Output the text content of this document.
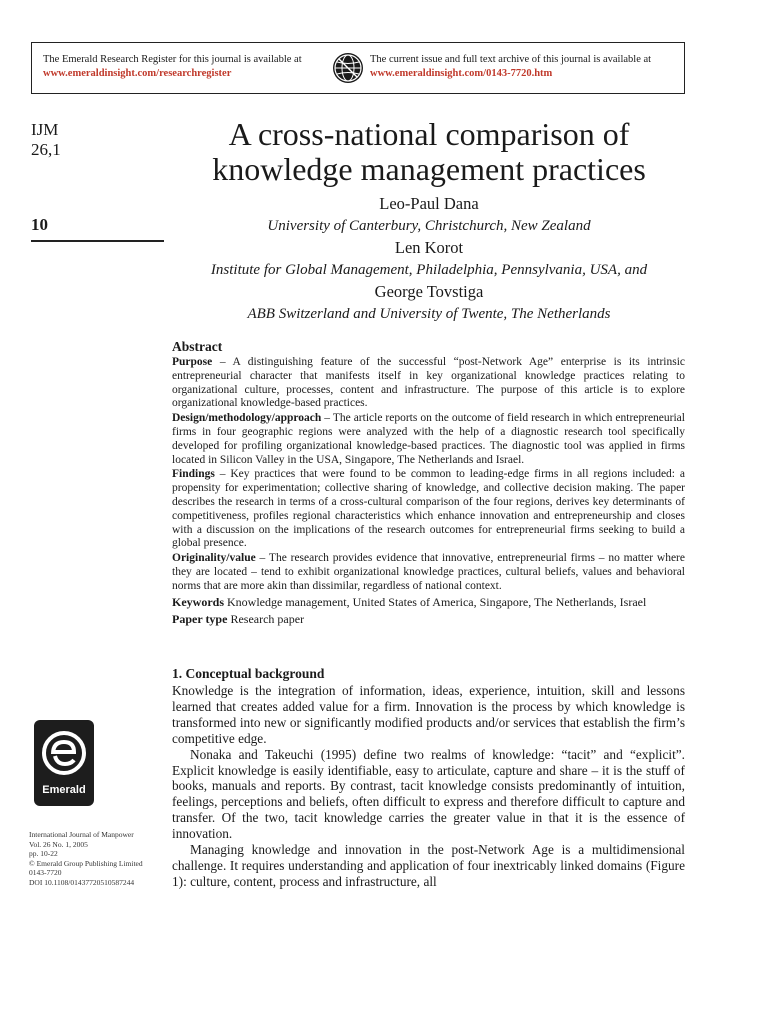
The Emerald Research Register for this journal is available at
www.emeraldinsight.com/researchregister
The current issue and full text archive of this journal is available at
www.emeraldinsight.com/0143-7720.htm
IJM
26,1
10
Emerald
International Journal of Manpower
Vol. 26 No. 1, 2005
pp. 10-22
© Emerald Group Publishing Limited
0143-7720
DOI 10.1108/01437720510587244
A cross-national comparison of
knowledge management practices
Leo-Paul Dana
University of Canterbury, Christchurch, New Zealand
Len Korot
Institute for Global Management, Philadelphia, Pennsylvania, USA, and
George Tovstiga
ABB Switzerland and University of Twente, The Netherlands
Abstract

Purpose – A distinguishing feature of the successful “post-Network Age” enterprise is its intrinsic entrepreneurial character that manifests itself in key organizational knowledge practices relating to organizational culture, processes, content and infrastructure. The purpose of this article is to explore organizational knowledge-based practices.

Design/methodology/approach – The article reports on the outcome of field research in which entrepreneurial firms in four geographic regions were analyzed with the help of a diagnostic research tool specifically developed for profiling organizational knowledge-based practices. The diagnostic tool was applied in firms located in Silicon Valley in the USA, Singapore, The Netherlands and Israel.

Findings – Key practices that were found to be common to leading-edge firms in all regions included: a propensity for experimentation; collective sharing of knowledge, and collective decision making. The paper describes the research in terms of a cross-cultural comparison of the four regions, derives key determinants of competitiveness, profiles regional characteristics which enhance innovation and entrepreneurship and closes with a discussion on the implications of the research outcomes for entrepreneurial firms seeking to build a global presence.

Originality/value – The research provides evidence that innovative, entrepreneurial firms – no matter where they are located – tend to exhibit organizational knowledge practices, cultural beliefs, values and behavioral norms that are more akin than dissimilar, regardless of national context.

Keywords Knowledge management, United States of America, Singapore, The Netherlands, Israel

Paper type Research paper

1. Conceptual background

Knowledge is the integration of information, ideas, experience, intuition, skill and lessons learned that creates added value for a firm. Innovation is the process by which knowledge is transformed into new or significantly modified products and/or services that establish the firm’s competitive edge.

Nonaka and Takeuchi (1995) define two realms of knowledge: “tacit” and “explicit”. Explicit knowledge is easily identifiable, easy to articulate, capture and share – it is the stuff of books, manuals and reports. By contrast, tacit knowledge consists predominantly of intuition, feelings, perceptions and beliefs, often difficult to express and therefore difficult to capture and transfer. Of the two, tacit knowledge carries the greater value in that it is the essence of innovation.

Managing knowledge and innovation in the post-Network Age is a multidimensional challenge. It requires understanding and application of four inextricably linked domains (Figure 1): culture, content, process and infrastructure, all
